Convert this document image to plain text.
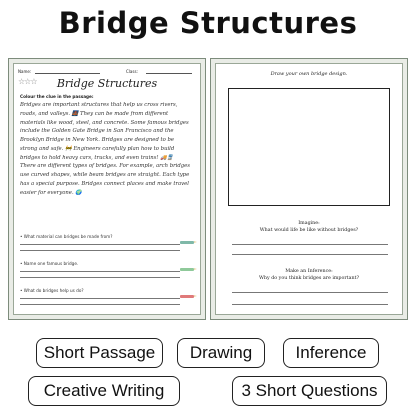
Bridge Structures
Name:	Class:
☆☆☆	Bridge Structures
Colour the clue in the passage:
Bridges are important structures that help us cross rivers,
roads, and valleys. 🌉 They can be made from different
materials like wood, steel, and concrete. Some famous bridges
include the Golden Gate Bridge in San Francisco and the
Brooklyn Bridge in New York. Bridges are designed to be
strong and safe. 🚧 Engineers carefully plan how to build
bridges to hold heavy cars, trucks, and even trains! 🚚🚆
There are different types of bridges. For example, arch bridges
use curved shapes, while beam bridges are straight. Each type
has a special purpose. Bridges connect places and make travel
easier for everyone. 🌍
• What material can bridges be made from?
• Name one famous bridge.
• What do bridges help us do?
Draw your own bridge design.
Imagine:
What would life be like without bridges?
Make an Inference:
Why do you think bridges are important?
Short Passage	Drawing	Inference
Creative Writing	3 Short Questions
